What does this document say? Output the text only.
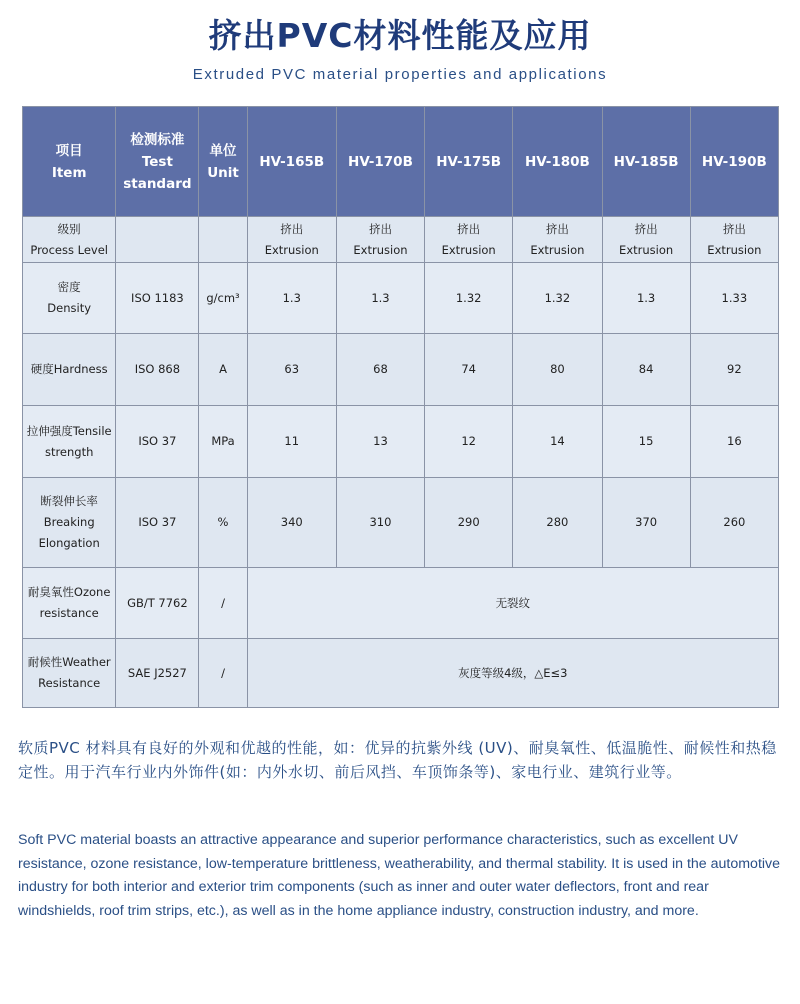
挤出PVC材料性能及应用
Extruded PVC material properties and applications
项目
Item	检测标准
Test
standard	单位
Unit	HV-165B	HV-170B	HV-175B	HV-180B	HV-185B	HV-190B

级别
Process Level			挤出
Extrusion	挤出
Extrusion	挤出
Extrusion	挤出
Extrusion	挤出
Extrusion	挤出
Extrusion

密度
Density	ISO 1183	g/cm³	1.3	1.3	1.32	1.32	1.3	1.33
硬度Hardness	ISO 868	A	63	68	74	80	84	92

拉伸强度Tensile
strength	ISO 37	MPa	11	13	12	14	15	16

断裂伸长率
Breaking
Elongation	ISO 37	%	340	310	290	280	370	260

耐臭氧性Ozone
resistance	GB/T 7762	/	无裂纹					

耐候性Weather
Resistance	SAE J2527	/	灰度等级4级，△E≤3					
软质PVC 材料具有良好的外观和优越的性能，如：优异的抗紫外线 (UV)、耐臭氧性、低温脆性、耐候性和热稳定性。用于汽车行业内外饰件(如：内外水切、前后风挡、车顶饰条等)、家电行业、建筑行业等。
Soft PVC material boasts an attractive appearance and superior performance characteristics, such as excellent UV resistance, ozone resistance, low-temperature brittleness, weatherability, and thermal stability. It is used in the automotive industry for both interior and exterior trim components (such as inner and outer water deflectors, front and rear windshields, roof trim strips, etc.), as well as in the home appliance industry, construction industry, and more.
